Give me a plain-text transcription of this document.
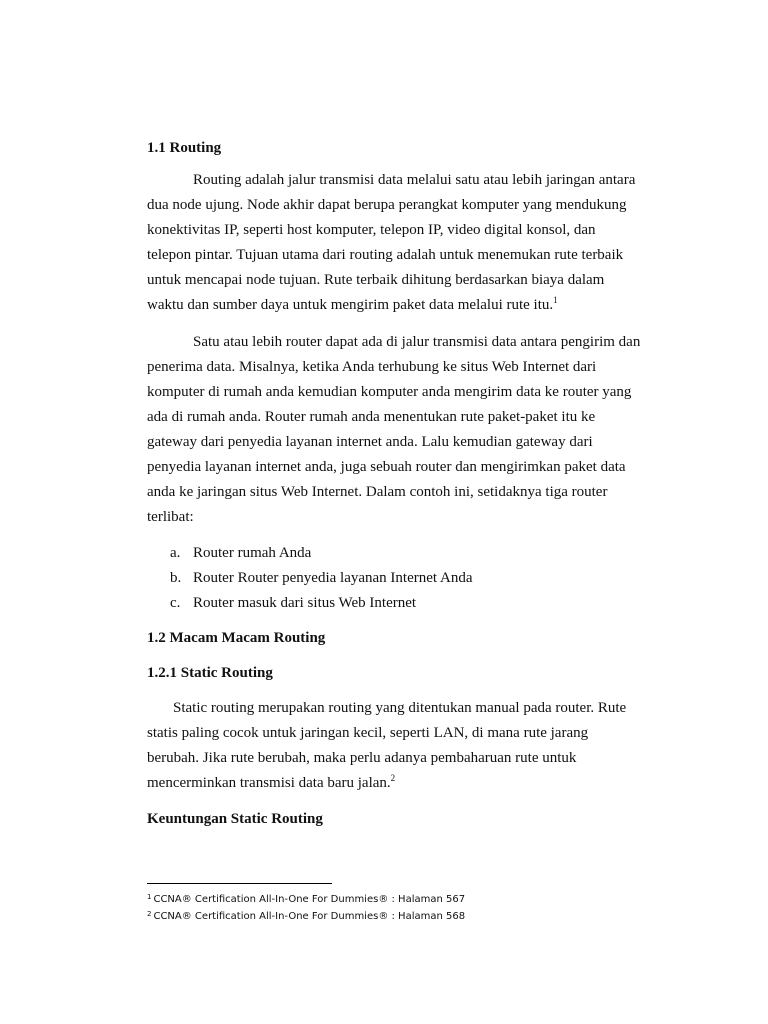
1.1 Routing

Routing adalah jalur transmisi data melalui satu atau lebih jaringan antara
dua node ujung. Node akhir dapat berupa perangkat komputer yang mendukung
konektivitas IP, seperti host komputer, telepon IP, video digital konsol, dan
telepon pintar. Tujuan utama dari routing adalah untuk menemukan rute terbaik
untuk mencapai node tujuan. Rute terbaik dihitung berdasarkan biaya dalam
waktu dan sumber daya untuk mengirim paket data melalui rute itu.$^1$

Satu atau lebih router dapat ada di jalur transmisi data antara pengirim dan
penerima data. Misalnya, ketika Anda terhubung ke situs Web Internet dari
komputer di rumah anda kemudian komputer anda mengirim data ke router yang
ada di rumah anda. Router rumah anda menentukan rute paket-paket itu ke
gateway dari penyedia layanan internet anda. Lalu kemudian gateway dari
penyedia layanan internet anda, juga sebuah router dan mengirimkan paket data
anda ke jaringan situs Web Internet. Dalam contoh ini, setidaknya tiga router
terlibat:

a. Router rumah Anda
b. Router Router penyedia layanan Internet Anda
c. Router masuk dari situs Web Internet
1.2 Macam Macam Routing
1.2.1 Static Routing

Static routing merupakan routing yang ditentukan manual pada router. Rute
statis paling cocok untuk jaringan kecil, seperti LAN, di mana rute jarang
berubah. Jika rute berubah, maka perlu adanya pembaharuan rute untuk
mencerminkan transmisi data baru jalan.$^2$

Keuntungan Static Routing
$^1$ CCNA® Certification All-In-One For Dummies® : Halaman 567
$^2$ CCNA® Certification All-In-One For Dummies® : Halaman 568
